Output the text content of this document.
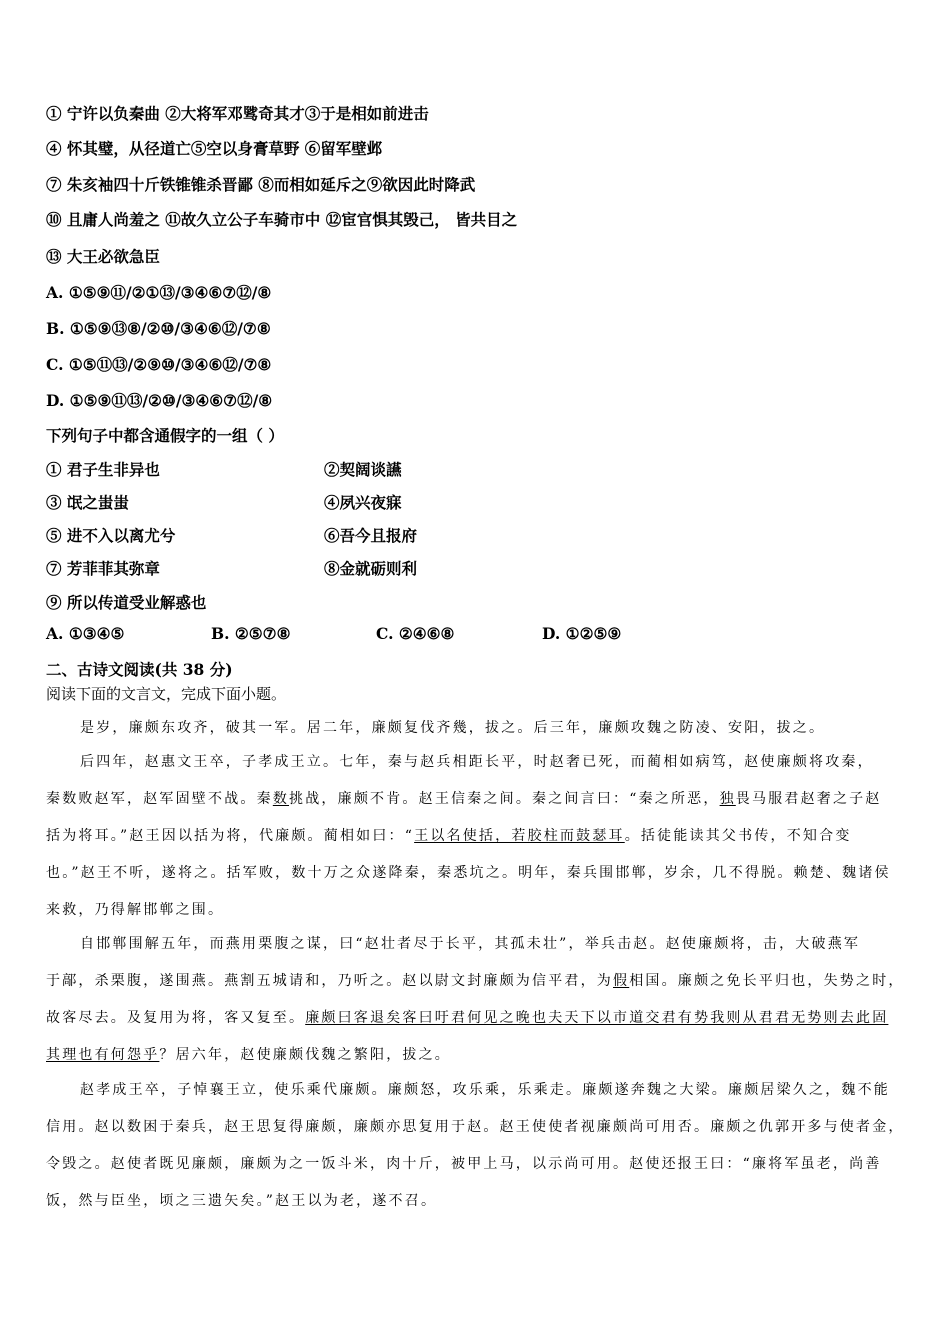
① 宁许以负秦曲 ②大将军邓骘奇其才③于是相如前进击
④ 怀其璧，从径道亡⑤空以身膏草野 ⑥留军壁邺
⑦ 朱亥袖四十斤铁锥锥杀晋鄙 ⑧而相如延斥之⑨欲因此时降武
⑩ 且庸人尚羞之 ⑪故久立公子车骑市中 ⑫宦官惧其毁己， 皆共目之
⑬ 大王必欲急臣
A. ①⑤⑨⑪/②①⑬/③④⑥⑦⑫/⑧
B. ①⑤⑨⑬⑧/②⑩/③④⑥⑫/⑦⑧
C. ①⑤⑪⑬/②⑨⑩/③④⑥⑫/⑦⑧
D. ①⑤⑨⑪⑬/②⑩/③④⑥⑦⑫/⑧
下列句子中都含通假字的一组（ ）
① 君子生非异也	②契阔谈讌
③ 氓之蚩蚩	④夙兴夜寐
⑤ 进不入以离尤兮	⑥吾今且报府
⑦ 芳菲菲其弥章	⑧金就砺则利
⑨ 所以传道受业解惑也
A. ①③④⑤	B. ②⑤⑦⑧	C. ②④⑥⑧	D. ①②⑤⑨
二、古诗文阅读(共 38 分)
阅读下面的文言文，完成下面小题。
是岁，廉颇东攻齐，破其一军。居二年，廉颇复伐齐幾，拔之。后三年，廉颇攻魏之防凌、安阳，拔之。
后四年，赵惠文王卒，子孝成王立。七年，秦与赵兵相距长平，时赵奢已死，而蔺相如病笃，赵使廉颇将攻秦，
秦数败赵军，赵军固壁不战。秦数挑战，廉颇不肯。赵王信秦之间。秦之间言曰：“秦之所恶，独畏马服君赵奢之子赵
括为将耳。”赵王因以括为将，代廉颇。蔺相如曰：“王以名使括，若胶柱而鼓瑟耳。括徒能读其父书传，不知合变
也。”赵王不听，遂将之。括军败，数十万之众遂降秦，秦悉坑之。明年，秦兵围邯郸，岁余，几不得脱。赖楚、魏诸侯
来救，乃得解邯郸之围。
自邯郸围解五年，而燕用栗腹之谋，曰“赵壮者尽于长平，其孤未壮”，举兵击赵。赵使廉颇将，击，大破燕军
于鄗，杀栗腹，遂围燕。燕割五城请和，乃听之。赵以尉文封廉颇为信平君，为假相国。廉颇之免长平归也，失势之时，
故客尽去。及复用为将，客又复至。廉颇曰客退矣客曰吁君何见之晚也夫天下以市道交君有势我则从君君无势则去此固
其理也有何怨乎？居六年，赵使廉颇伐魏之繁阳，拔之。
赵孝成王卒，子悼襄王立，使乐乘代廉颇。廉颇怒，攻乐乘，乐乘走。廉颇遂奔魏之大梁。廉颇居梁久之，魏不能
信用。赵以数困于秦兵，赵王思复得廉颇，廉颇亦思复用于赵。赵王使使者视廉颇尚可用否。廉颇之仇郭开多与使者金，
令毁之。赵使者既见廉颇，廉颇为之一饭斗米，肉十斤，被甲上马，以示尚可用。赵使还报王曰：“廉将军虽老，尚善
饭，然与臣坐，顷之三遗矢矣。”赵王以为老，遂不召。
